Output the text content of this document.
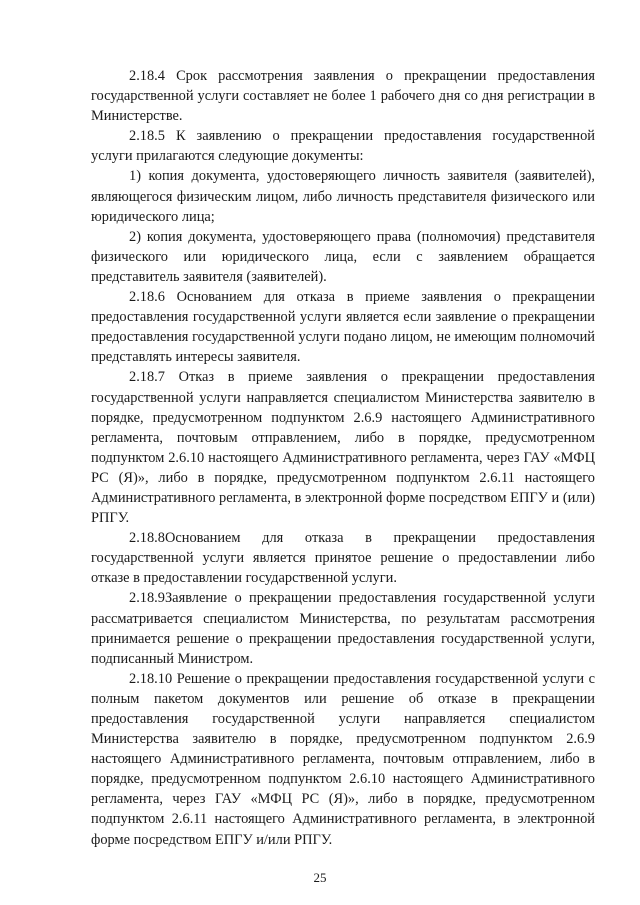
2.18.4 Срок рассмотрения заявления о прекращении предоставления государственной услуги составляет не более 1 рабочего дня со дня регистрации в Министерстве.

2.18.5 К заявлению о прекращении предоставления государственной услуги прилагаются следующие документы:

1) копия документа, удостоверяющего личность заявителя (заявителей), являющегося физическим лицом, либо личность представителя физического или юридического лица;

2) копия документа, удостоверяющего права (полномочия) представителя физического или юридического лица, если с заявлением обращается представитель заявителя (заявителей).

2.18.6 Основанием для отказа в приеме заявления о прекращении предоставления государственной услуги является если заявление о прекращении предоставления государственной услуги подано лицом, не имеющим полномочий представлять интересы заявителя.

2.18.7 Отказ в приеме заявления о прекращении предоставления государственной услуги направляется специалистом Министерства заявителю в порядке, предусмотренном подпунктом 2.6.9 настоящего Административного регламента, почтовым отправлением, либо в порядке, предусмотренном подпунктом 2.6.10 настоящего Административного регламента, через ГАУ «МФЦ РС (Я)», либо в порядке, предусмотренном подпунктом 2.6.11 настоящего Административного регламента, в электронной форме посредством ЕПГУ и (или) РПГУ.

2.18.8Основанием для отказа в прекращении предоставления государственной услуги является принятое решение о предоставлении либо отказе в предоставлении государственной услуги.

2.18.9Заявление о прекращении предоставления государственной услуги рассматривается специалистом Министерства, по результатам рассмотрения принимается решение о прекращении предоставления государственной услуги, подписанный Министром.

2.18.10 Решение о прекращении предоставления государственной услуги с полным пакетом документов или решение об отказе в прекращении предоставления государственной услуги направляется специалистом Министерства заявителю в порядке, предусмотренном подпунктом 2.6.9 настоящего Административного регламента, почтовым отправлением, либо в порядке, предусмотренном подпунктом 2.6.10 настоящего Административного регламента, через ГАУ «МФЦ РС (Я)», либо в порядке, предусмотренном подпунктом 2.6.11 настоящего Административного регламента, в электронной форме посредством ЕПГУ и/или РПГУ.

25
